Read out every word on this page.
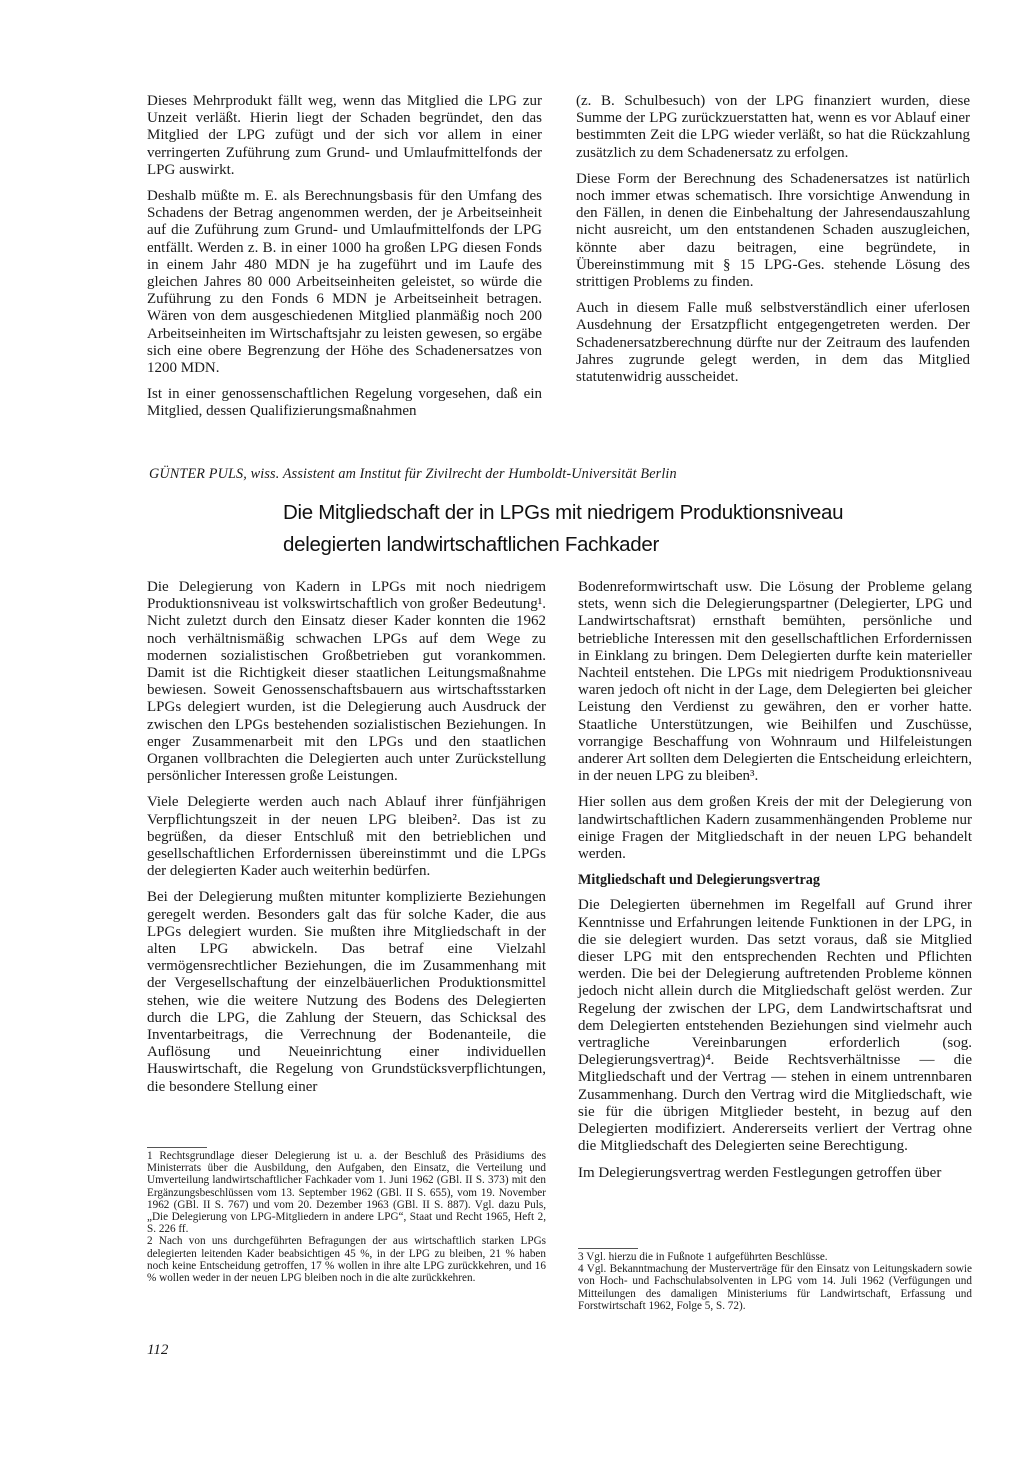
Dieses Mehrprodukt fällt weg, wenn das Mitglied die LPG zur Unzeit verläßt. Hierin liegt der Schaden begründet, den das Mitglied der LPG zufügt und der sich vor allem in einer verringerten Zuführung zum Grund- und Umlaufmittelfonds der LPG auswirkt.

Deshalb müßte m. E. als Berechnungsbasis für den Umfang des Schadens der Betrag angenommen werden, der je Arbeitseinheit auf die Zuführung zum Grund- und Umlaufmittelfonds der LPG entfällt. Werden z. B. in einer 1000 ha großen LPG diesen Fonds in einem Jahr 480 MDN je ha zugeführt und im Laufe des gleichen Jahres 80 000 Arbeitseinheiten geleistet, so würde die Zuführung zu den Fonds 6 MDN je Arbeitseinheit betragen. Wären von dem ausgeschiedenen Mitglied planmäßig noch 200 Arbeitseinheiten im Wirtschaftsjahr zu leisten gewesen, so ergäbe sich eine obere Begrenzung der Höhe des Schadenersatzes von 1200 MDN.

Ist in einer genossenschaftlichen Regelung vorgesehen, daß ein Mitglied, dessen Qualifizierungsmaßnahmen

(z. B. Schulbesuch) von der LPG finanziert wurden, diese Summe der LPG zurückzuerstatten hat, wenn es vor Ablauf einer bestimmten Zeit die LPG wieder verläßt, so hat die Rückzahlung zusätzlich zu dem Schadenersatz zu erfolgen.

Diese Form der Berechnung des Schadenersatzes ist natürlich noch immer etwas schematisch. Ihre vorsichtige Anwendung in den Fällen, in denen die Einbehaltung der Jahresendauszahlung nicht ausreicht, um den entstandenen Schaden auszugleichen, könnte aber dazu beitragen, eine begründete, in Übereinstimmung mit § 15 LPG-Ges. stehende Lösung des strittigen Problems zu finden.

Auch in diesem Falle muß selbstverständlich einer uferlosen Ausdehnung der Ersatzpflicht entgegengetreten werden. Der Schadenersatzberechnung dürfte nur der Zeitraum des laufenden Jahres zugrunde gelegt werden, in dem das Mitglied statutenwidrig ausscheidet.

GÜNTER PULS, wiss. Assistent am Institut für Zivilrecht der Humboldt-Universität Berlin
Die Mitgliedschaft der in LPGs mit niedrigem Produktionsniveau
delegierten landwirtschaftlichen Fachkader

Die Delegierung von Kadern in LPGs mit noch niedrigem Produktionsniveau ist volkswirtschaftlich von großer Bedeutung¹. Nicht zuletzt durch den Einsatz dieser Kader konnten die 1962 noch verhältnismäßig schwachen LPGs auf dem Wege zu modernen sozialistischen Großbetrieben gut vorankommen. Damit ist die Richtigkeit dieser staatlichen Leitungsmaßnahme bewiesen. Soweit Genossenschaftsbauern aus wirtschaftsstarken LPGs delegiert wurden, ist die Delegierung auch Ausdruck der zwischen den LPGs bestehenden sozialistischen Beziehungen. In enger Zusammenarbeit mit den LPGs und den staatlichen Organen vollbrachten die Delegierten auch unter Zurückstellung persönlicher Interessen große Leistungen.

Viele Delegierte werden auch nach Ablauf ihrer fünfjährigen Verpflichtungszeit in der neuen LPG bleiben². Das ist zu begrüßen, da dieser Entschluß mit den betrieblichen und gesellschaftlichen Erfordernissen übereinstimmt und die LPGs der delegierten Kader auch weiterhin bedürfen.

Bei der Delegierung mußten mitunter komplizierte Beziehungen geregelt werden. Besonders galt das für solche Kader, die aus LPGs delegiert wurden. Sie mußten ihre Mitgliedschaft in der alten LPG abwickeln. Das betraf eine Vielzahl vermögensrechtlicher Beziehungen, die im Zusammenhang mit der Vergesellschaftung der einzelbäuerlichen Produktionsmittel stehen, wie die weitere Nutzung des Bodens des Delegierten durch die LPG, die Zahlung der Steuern, das Schicksal des Inventarbeitrags, die Verrechnung der Bodenanteile, die Auflösung und Neueinrichtung einer individuellen Hauswirtschaft, die Regelung von Grundstücksverpflichtungen, die besondere Stellung einer

Bodenreformwirtschaft usw. Die Lösung der Probleme gelang stets, wenn sich die Delegierungspartner (Delegierter, LPG und Landwirtschaftsrat) ernsthaft bemühten, persönliche und betriebliche Interessen mit den gesellschaftlichen Erfordernissen in Einklang zu bringen. Dem Delegierten durfte kein materieller Nachteil entstehen. Die LPGs mit niedrigem Produktionsniveau waren jedoch oft nicht in der Lage, dem Delegierten bei gleicher Leistung den Verdienst zu gewähren, den er vorher hatte. Staatliche Unterstützungen, wie Beihilfen und Zuschüsse, vorrangige Beschaffung von Wohnraum und Hilfeleistungen anderer Art sollten dem Delegierten die Entscheidung erleichtern, in der neuen LPG zu bleiben³.

Hier sollen aus dem großen Kreis der mit der Delegierung von landwirtschaftlichen Kadern zusammenhängenden Probleme nur einige Fragen der Mitgliedschaft in der neuen LPG behandelt werden.

Mitgliedschaft und Delegierungsvertrag

Die Delegierten übernehmen im Regelfall auf Grund ihrer Kenntnisse und Erfahrungen leitende Funktionen in der LPG, in die sie delegiert wurden. Das setzt voraus, daß sie Mitglied dieser LPG mit den entsprechenden Rechten und Pflichten werden. Die bei der Delegierung auftretenden Probleme können jedoch nicht allein durch die Mitgliedschaft gelöst werden. Zur Regelung der zwischen der LPG, dem Landwirtschaftsrat und dem Delegierten entstehenden Beziehungen sind vielmehr auch vertragliche Vereinbarungen erforderlich (sog. Delegierungsvertrag)⁴. Beide Rechtsverhältnisse — die Mitgliedschaft und der Vertrag — stehen in einem untrennbaren Zusammenhang. Durch den Vertrag wird die Mitgliedschaft, wie sie für die übrigen Mitglieder besteht, in bezug auf den Delegierten modifiziert. Andererseits verliert der Vertrag ohne die Mitgliedschaft des Delegierten seine Berechtigung.

Im Delegierungsvertrag werden Festlegungen getroffen über

1 Rechtsgrundlage dieser Delegierung ist u. a. der Beschluß des Präsidiums des Ministerrats über die Ausbildung, den Aufgaben, den Einsatz, die Verteilung und Umverteilung landwirtschaftlicher Fachkader vom 1. Juni 1962 (GBl. II S. 373) mit den Ergänzungsbeschlüssen vom 13. September 1962 (GBl. II S. 655), vom 19. November 1962 (GBl. II S. 767) und vom 20. Dezember 1963 (GBl. II S. 887). Vgl. dazu Puls, „Die Delegierung von LPG-Mitgliedern in andere LPG“, Staat und Recht 1965, Heft 2, S. 226 ff.

2 Nach von uns durchgeführten Befragungen der aus wirtschaftlich starken LPGs delegierten leitenden Kader beabsichtigen 45 %, in der LPG zu bleiben, 21 % haben noch keine Entscheidung getroffen, 17 % wollen in ihre alte LPG zurückkehren, und 16 % wollen weder in der neuen LPG bleiben noch in die alte zurückkehren.

3 Vgl. hierzu die in Fußnote 1 aufgeführten Beschlüsse.

4 Vgl. Bekanntmachung der Musterverträge für den Einsatz von Leitungskadern sowie von Hoch- und Fachschulabsolventen in LPG vom 14. Juli 1962 (Verfügungen und Mitteilungen des damaligen Ministeriums für Landwirtschaft, Erfassung und Forstwirtschaft 1962, Folge 5, S. 72).

112
